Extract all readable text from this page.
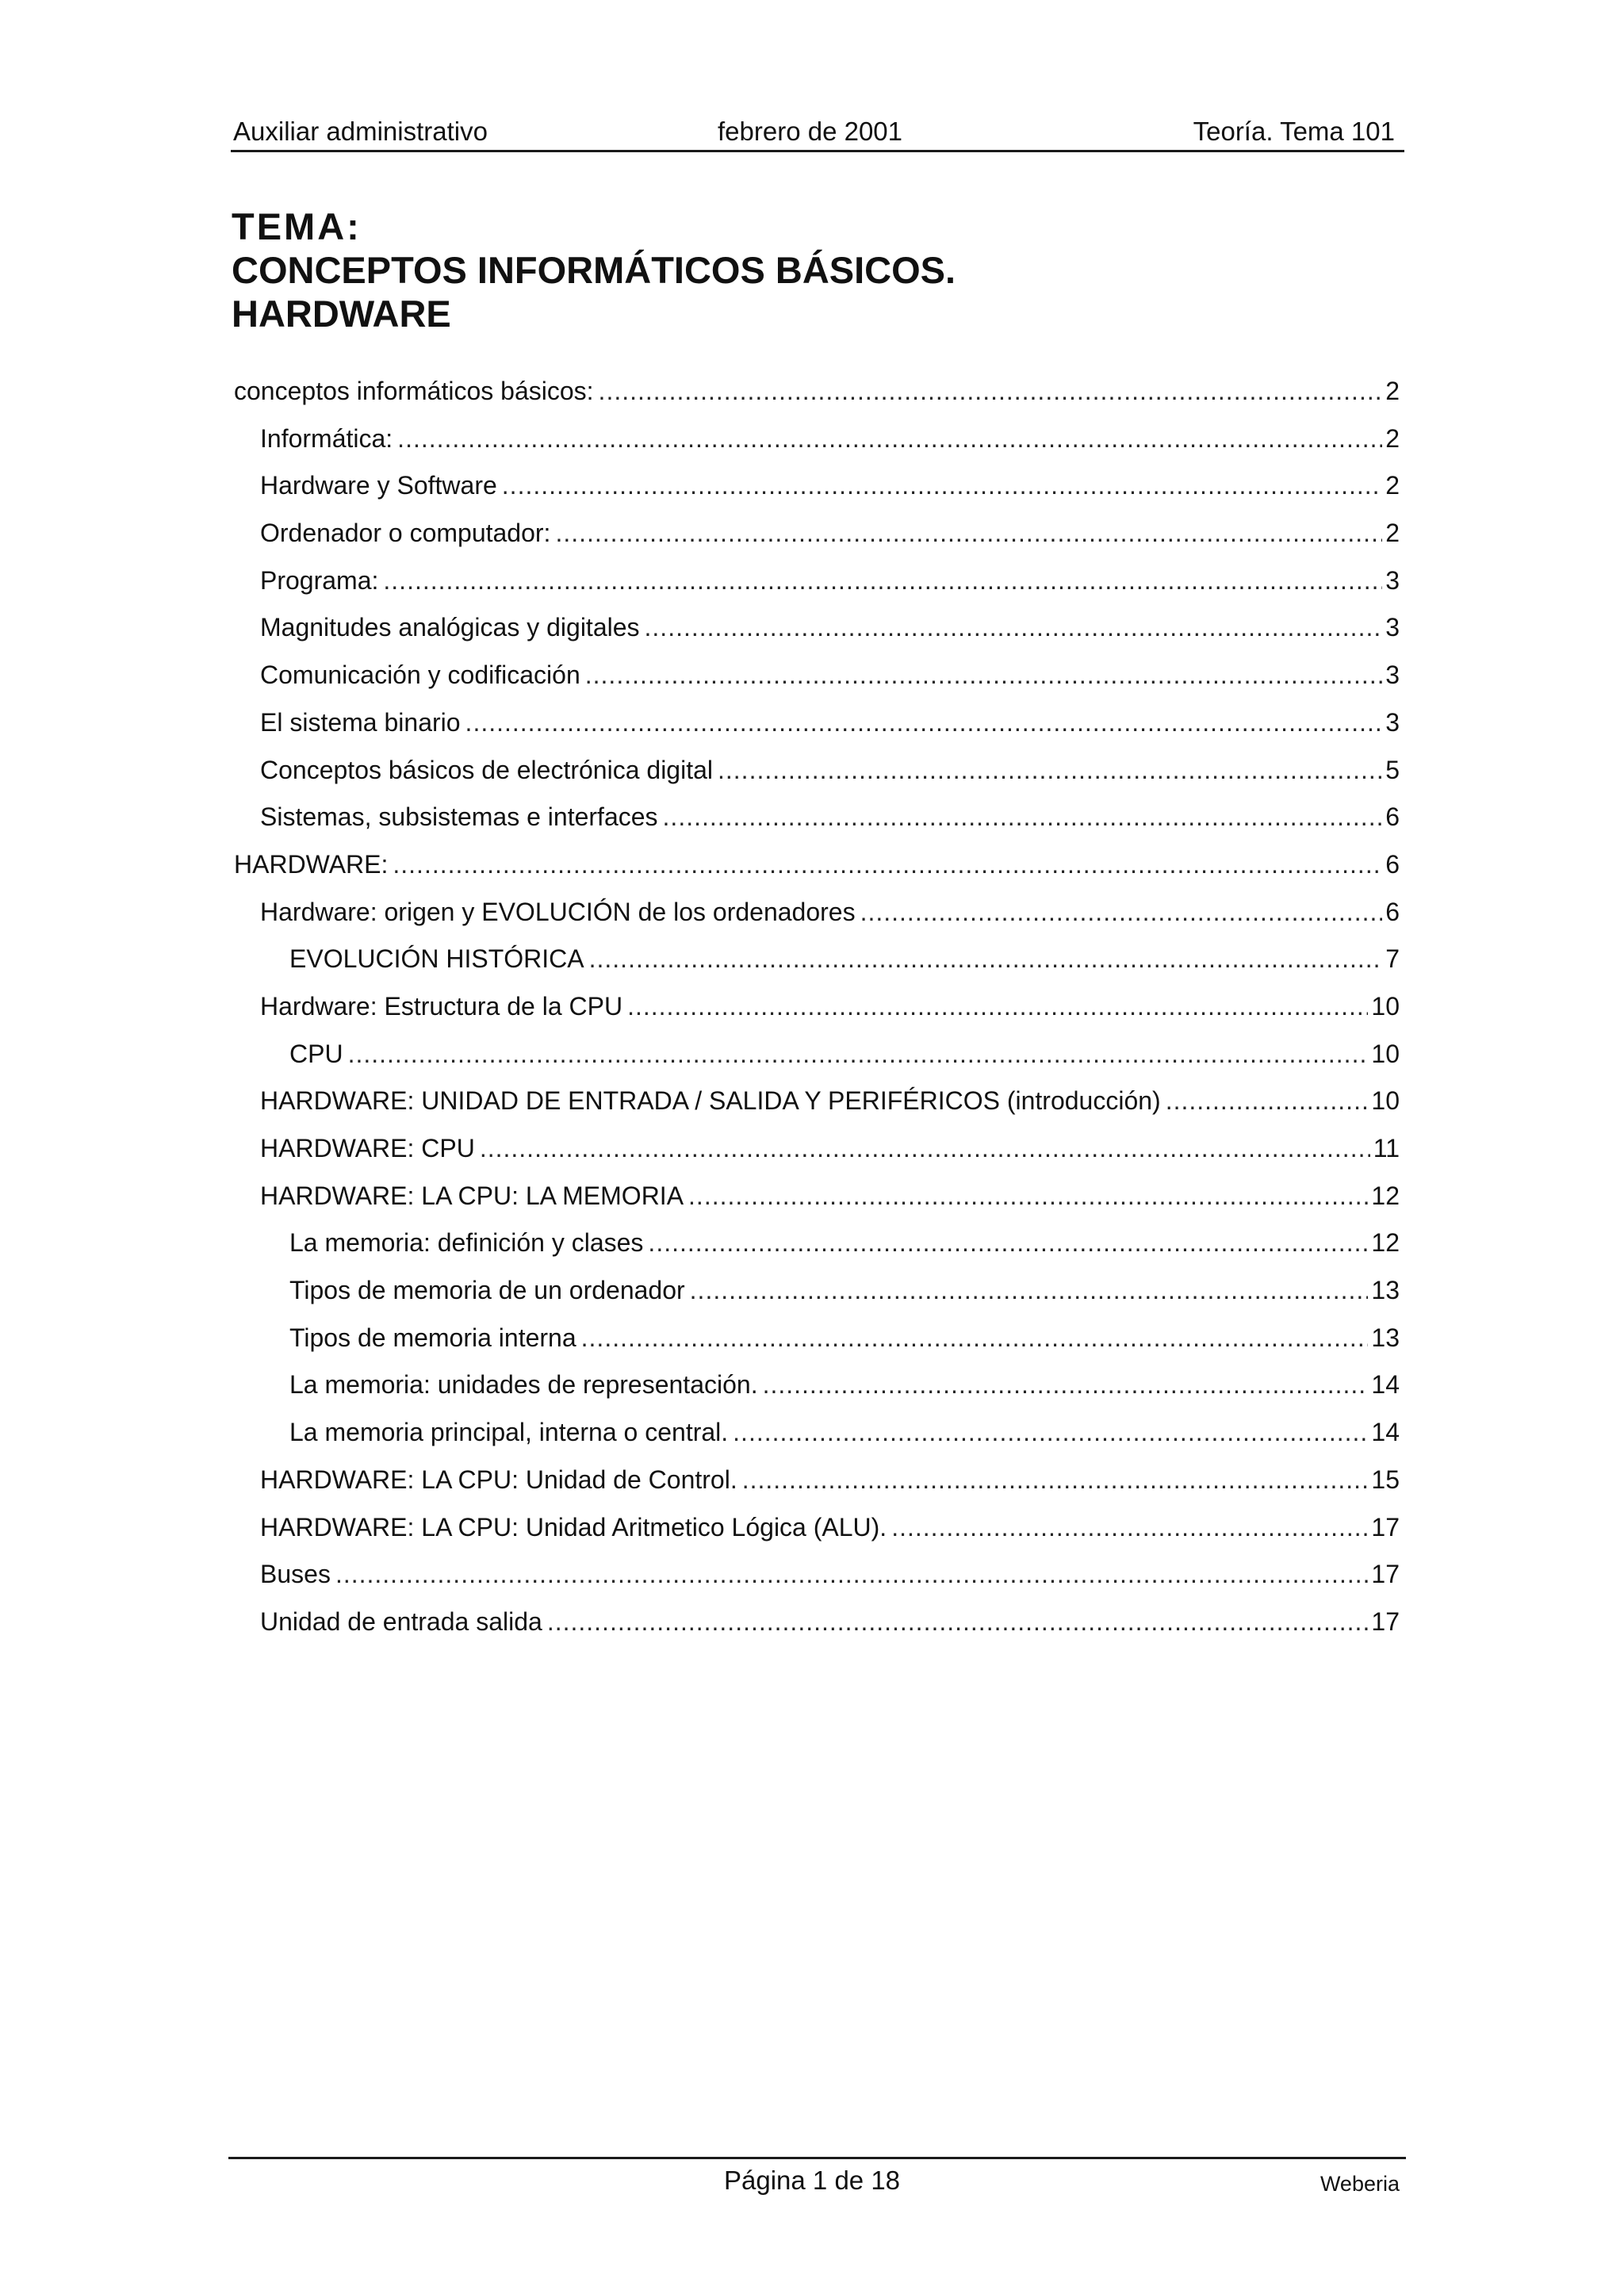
Auxiliar administrativo	febrero de 2001	Teoría. Tema 101
TEMA:
CONCEPTOS INFORMÁTICOS BÁSICOS.
HARDWARE
conceptos informáticos básicos: .....	2
Informática: .....	2
Hardware y Software .....	2
Ordenador o computador: .....	2
Programa: .....	3
Magnitudes analógicas y digitales .....	3
Comunicación y codificación .....	3
El sistema binario .....	3
Conceptos básicos de electrónica digital .....	5
Sistemas, subsistemas e interfaces .....	6
HARDWARE: .....	6
Hardware: origen y EVOLUCIÓN de los ordenadores .....	6
EVOLUCIÓN HISTÓRICA .....	7
Hardware: Estructura de la CPU .....	10
CPU .....	10
HARDWARE: UNIDAD DE ENTRADA / SALIDA Y PERIFÉRICOS (introducción) .....	10
HARDWARE: CPU .....	11
HARDWARE: LA CPU: LA MEMORIA .....	12
La memoria: definición y clases .....	12
Tipos de memoria de un ordenador .....	13
Tipos de memoria interna .....	13
La memoria: unidades de representación. .....	14
La memoria principal, interna o central. .....	14
HARDWARE: LA CPU: Unidad de Control. .....	15
HARDWARE: LA CPU: Unidad Aritmetico Lógica (ALU). .....	17
Buses .....	17
Unidad de entrada salida .....	17
Página 1 de 18	Weberia
